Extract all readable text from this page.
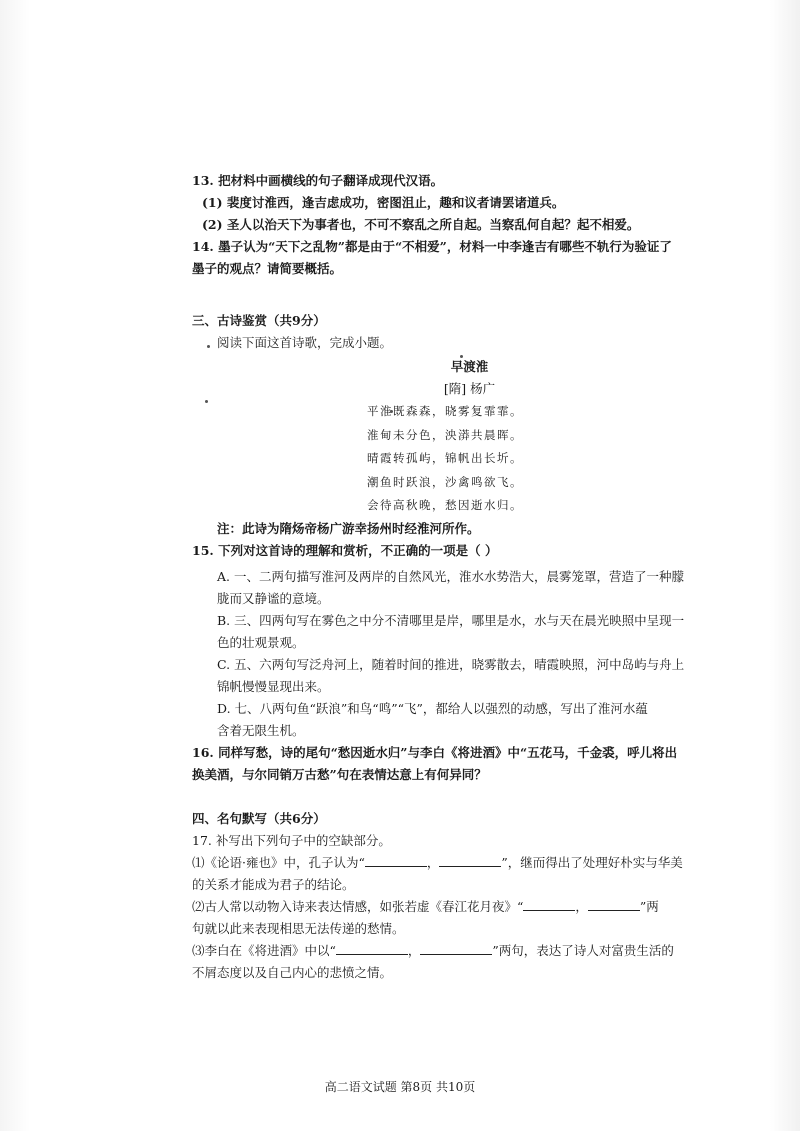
13. 把材料中画横线的句子翻译成现代汉语。
(1) 裴度讨淮西，逢吉虑成功，密图沮止，趣和议者请罢诸道兵。
(2) 圣人以治天下为事者也，不可不察乱之所自起。当察乱何自起？起不相爱。
14. 墨子认为“天下之乱物”都是由于“不相爱”，材料一中李逢吉有哪些不轨行为验证了
墨子的观点？请简要概括。
三、古诗鉴赏（共9分）
阅读下面这首诗歌，完成小题。
早渡淮
[隋] 杨广
平淮既森森，晓雾复霏霏。
淮甸未分色，泱漭共晨晖。
晴霞转孤屿，锦帆出长圻。
潮鱼时跃浪，沙禽鸣欲飞。
会待高秋晚，愁因逝水归。
注：此诗为隋炀帝杨广游幸扬州时经淮河所作。
15. 下列对这首诗的理解和赏析，不正确的一项是（ ）
A. 一、二两句描写淮河及两岸的自然风光，淮水水势浩大，晨雾笼罩，营造了一种朦
胧而又静谧的意境。
B. 三、四两句写在雾色之中分不清哪里是岸，哪里是水，水与天在晨光映照中呈现一
色的壮观景观。
C. 五、六两句写泛舟河上，随着时间的推进，晓雾散去，晴霞映照，河中岛屿与舟上
锦帆慢慢显现出来。
D. 七、八两句鱼“跃浪”和鸟“鸣”“飞”，都给人以强烈的动感，写出了淮河水蕴
含着无限生机。
16. 同样写愁，诗的尾句“愁因逝水归”与李白《将进酒》中“五花马，千金裘，呼儿将出
换美酒，与尔同销万古愁”句在表情达意上有何异同？
四、名句默写（共6分）
17. 补写出下列句子中的空缺部分。
⑴《论语·雍也》中，孔子认为“	，	”，继而得出了处理好朴实与华美
的关系才能成为君子的结论。
⑵古人常以动物入诗来表达情感，如张若虚《春江花月夜》“	，	”两
句就以此来表现相思无法传递的愁情。
⑶李白在《将进酒》中以“	，	”两句，表达了诗人对富贵生活的
不屑态度以及自己内心的悲愤之情。
高二语文试题 第8页 共10页
